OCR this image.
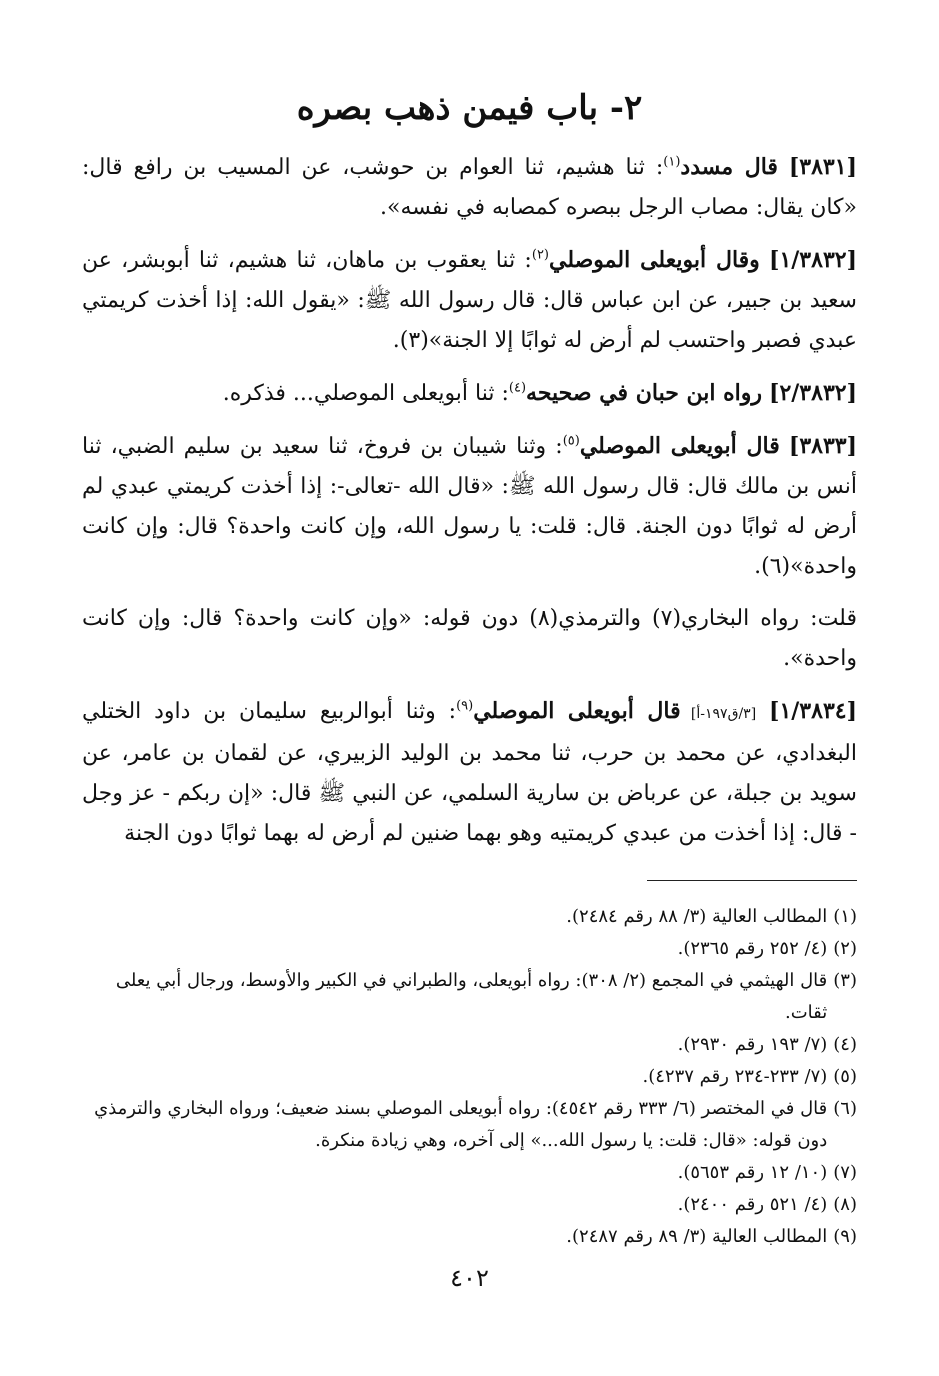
٢- باب فيمن ذهب بصره

[٣٨٣١] قال مسدد$^{(١)}$: ثنا هشيم، ثنا العوام بن حوشب، عن المسيب بن رافع قال: «كان يقال: مصاب الرجل ببصره كمصابه في نفسه».

[١/٣٨٣٢] وقال أبويعلى الموصلي$^{(٢)}$: ثنا يعقوب بن ماهان، ثنا هشيم، ثنا أبوبشر، عن سعيد بن جبير، عن ابن عباس قال: قال رسول الله ﷺ: «يقول الله: إذا أخذت كريمتي عبدي فصبر واحتسب لم أرض له ثوابًا إلا الجنة»(٣).

[٢/٣٨٣٢] رواه ابن حبان في صحيحه$^{(٤)}$: ثنا أبويعلى الموصلي... فذكره.

[٣٨٣٣] قال أبويعلى الموصلي$^{(٥)}$: وثنا شيبان بن فروخ، ثنا سعيد بن سليم الضبي، ثنا أنس بن مالك قال: قال رسول الله ﷺ: «قال الله -تعالى-: إذا أخذت كريمتي عبدي لم أرض له ثوابًا دون الجنة. قال: قلت: يا رسول الله، وإن كانت واحدة؟ قال: وإن كانت واحدة»(٦).

قلت: رواه البخاري(٧) والترمذي(٨) دون قوله: «وإن كانت واحدة؟ قال: وإن كانت واحدة».

[١/٣٨٣٤] [٣/ق١٩٧-أ] قال أبويعلى الموصلي$^{(٩)}$: وثنا أبوالربيع سليمان بن داود الختلي البغدادي، عن محمد بن حرب، ثنا محمد بن الوليد الزبيري، عن لقمان بن عامر، عن سويد بن جبلة، عن عرباض بن سارية السلمي، عن النبي ﷺ قال: «إن ربكم - عز وجل - قال: إذا أخذت من عبدي كريمتيه وهو بهما ضنين لم أرض له بهما ثوابًا دون الجنة

(١)
المطالب العالية (٣/ ٨٨ رقم ٢٤٨٤).
(٢)
(٤/ ٢٥٢ رقم ٢٣٦٥).
(٣)
قال الهيثمي في المجمع (٢/ ٣٠٨): رواه أبويعلى، والطبراني في الكبير والأوسط، ورجال أبي يعلى ثقات.
(٤)
(٧/ ١٩٣ رقم ٢٩٣٠).
(٥)
(٧/ ٢٣٣-٢٣٤ رقم ٤٢٣٧).
(٦)
قال في المختصر (٦/ ٣٣٣ رقم ٤٥٤٢): رواه أبويعلى الموصلي بسند ضعيف؛ ورواه البخاري والترمذي دون قوله: «قال: قلت: يا رسول الله...» إلى آخره، وهي زيادة منكرة.
(٧)
(١٠/ ١٢ رقم ٥٦٥٣).
(٨)
(٤/ ٥٢١ رقم ٢٤٠٠).
(٩)
المطالب العالية (٣/ ٨٩ رقم ٢٤٨٧).
٤٠٢
